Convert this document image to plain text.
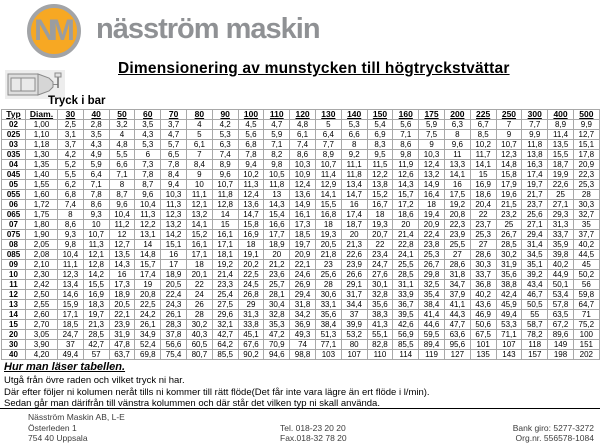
NM näsström maskin
Dimensionering av munstycken till högtryckstvättar
Tryck i bar
Typ	Diam.	30	40	50	60	70	80	90	100	110	120	130	140	150	160	175	200	225	250	300	400	500
02	1,00	2,5	2,8	3,2	3,5	3,7	4	4,2	4,5	4,7	4,8	5	5,3	5,4	5,6	5,9	6,3	6,7	7	7,7	8,9	9,9
025	1,10	3,1	3,5	4	4,3	4,7	5	5,3	5,6	5,9	6,1	6,4	6,6	6,9	7,1	7,5	8	8,5	9	9,9	11,4	12,7
03	1,18	3,7	4,3	4,8	5,3	5,7	6,1	6,3	6,8	7,1	7,4	7,7	8	8,3	8,6	9	9,6	10,2	10,7	11,8	13,5	15,1
035	1,30	4,2	4,9	5,5	6	6,5	7	7,4	7,8	8,2	8,6	8,9	9,2	9,5	9,8	10,3	11	11,7	12,3	13,8	15,5	17,8
04	1,35	5,2	5,9	6,6	7,3	7,8	8,4	8,9	9,4	9,8	10,3	10,7	11,1	11,5	11,9	12,4	13,3	14,1	14,8	16,3	18,7	20,9
045	1,40	5,5	6,4	7,1	7,8	8,4	9	9,6	10,2	10,5	10,9	11,4	11,8	12,2	12,6	13,2	14,1	15	15,8	17,4	19,9	22,3
05	1,55	6,2	7,1	8	8,7	9,4	10	10,7	11,3	11,8	12,4	12,9	13,4	13,8	14,3	14,9	16	16,9	17,9	19,7	22,6	25,3
055	1,60	6,8	7,8	8,7	9,6	10,3	11,1	11,8	12,4	13	13,6	14,1	14,7	15,2	15,7	16,4	17,5	18,6	19,6	21,7	25	28
06	1,72	7,4	8,6	9,6	10,4	11,3	12,1	12,8	13,6	14,3	14,9	15,5	16	16,7	17,2	18	19,2	20,4	21,5	23,7	27,1	30,3
065	1,75	8	9,3	10,4	11,3	12,3	13,2	14	14,7	15,4	16,1	16,8	17,4	18	18,6	19,4	20,8	22	23,2	25,6	29,3	32,7
07	1,80	8,6	10	11,2	12,2	13,2	14,1	15	15,8	16,6	17,3	18	18,7	19,3	20	20,9	22,3	23,7	25	27,1	31,3	35
075	1,90	9,3	10,7	12	13,1	14,2	15,2	16,1	16,9	17,7	18,5	19,3	20	20,7	21,4	22,4	23,9	25,3	26,7	29,4	33,7	37,7
08	2,05	9,8	11,3	12,7	14	15,1	16,1	17,1	18	18,9	19,7	20,5	21,3	22	22,8	23,8	25,5	27	28,5	31,4	35,9	40,2
085	2,08	10,4	12,1	13,5	14,8	16	17,1	18,1	19,1	20	20,9	21,8	22,6	23,4	24,1	25,3	27	28,6	30,2	34,5	39,8	44,5
09	2,10	11,1	12,8	14,3	15,7	17	18	19,2	20,2	21,2	22,1	23	23,9	24,7	25,5	26,7	28,6	30,3	31,9	35,1	40,2	45
10	2,30	12,3	14,2	16	17,4	18,9	20,1	21,4	22,5	23,6	24,6	25,6	26,6	27,6	28,5	29,8	31,8	33,7	35,6	39,2	44,9	50,2
11	2,42	13,4	15,5	17,3	19	20,5	22	23,3	24,5	25,7	26,9	28	29,1	30,1	31,1	32,5	34,7	36,8	38,8	43,4	50,1	56
12	2,50	14,6	16,9	18,9	20,8	22,4	24	25,4	26,8	28,1	29,4	30,6	31,7	32,8	33,9	35,4	37,9	40,2	42,4	46,7	53,4	59,8
13	2,55	15,9	18,3	20,5	22,5	24,3	26	27,5	29	30,4	31,8	33,1	34,4	35,6	36,7	38,4	41,1	43,6	45,9	50,5	57,8	64,7
14	2,60	17,1	19,7	22,1	24,2	26,1	28	29,6	31,3	32,8	34,2	35,6	37	38,3	39,5	41,4	44,3	46,9	49,4	55	63,5	71
15	2,70	18,5	21,3	23,9	26,1	28,3	30,2	32,1	33,8	35,3	36,9	38,4	39,9	41,3	42,6	44,6	47,7	50,6	53,3	58,7	67,2	75,2
20	3,05	24,7	28,5	31,9	34,9	37,8	40,3	42,7	45,1	47,2	49,3	51,3	53,2	55,1	56,9	59,5	63,6	67,5	71,1	78,2	89,6	100
30	3,90	37	42,7	47,8	52,4	56,6	60,5	64,2	67,6	70,9	74	77,1	80	82,8	85,5	89,4	95,6	101	107	118	149	151
40	4,20	49,4	57	63,7	69,8	75,4	80,7	85,5	90,2	94,6	98,8	103	107	110	114	119	127	135	143	157	198	202
Hur man läser tabellen.
Utgå från övre raden och vilket tryck ni har.
Där efter följer ni kolumen neråt tills ni kommer till rätt flöde(Det får inte vara lägre än ert flöde i l/min).
Sedan går man därifrån till vänstra kolummen och där står det vilken typ ni skall använda.
Näsström Maskin AB, L-E
Österleden 1
754 40 Uppsala
Tel. 018-23 20 20
Fax.018-32 78 20
Bank giro: 5277-3272
Org.nr. 556578-1084
